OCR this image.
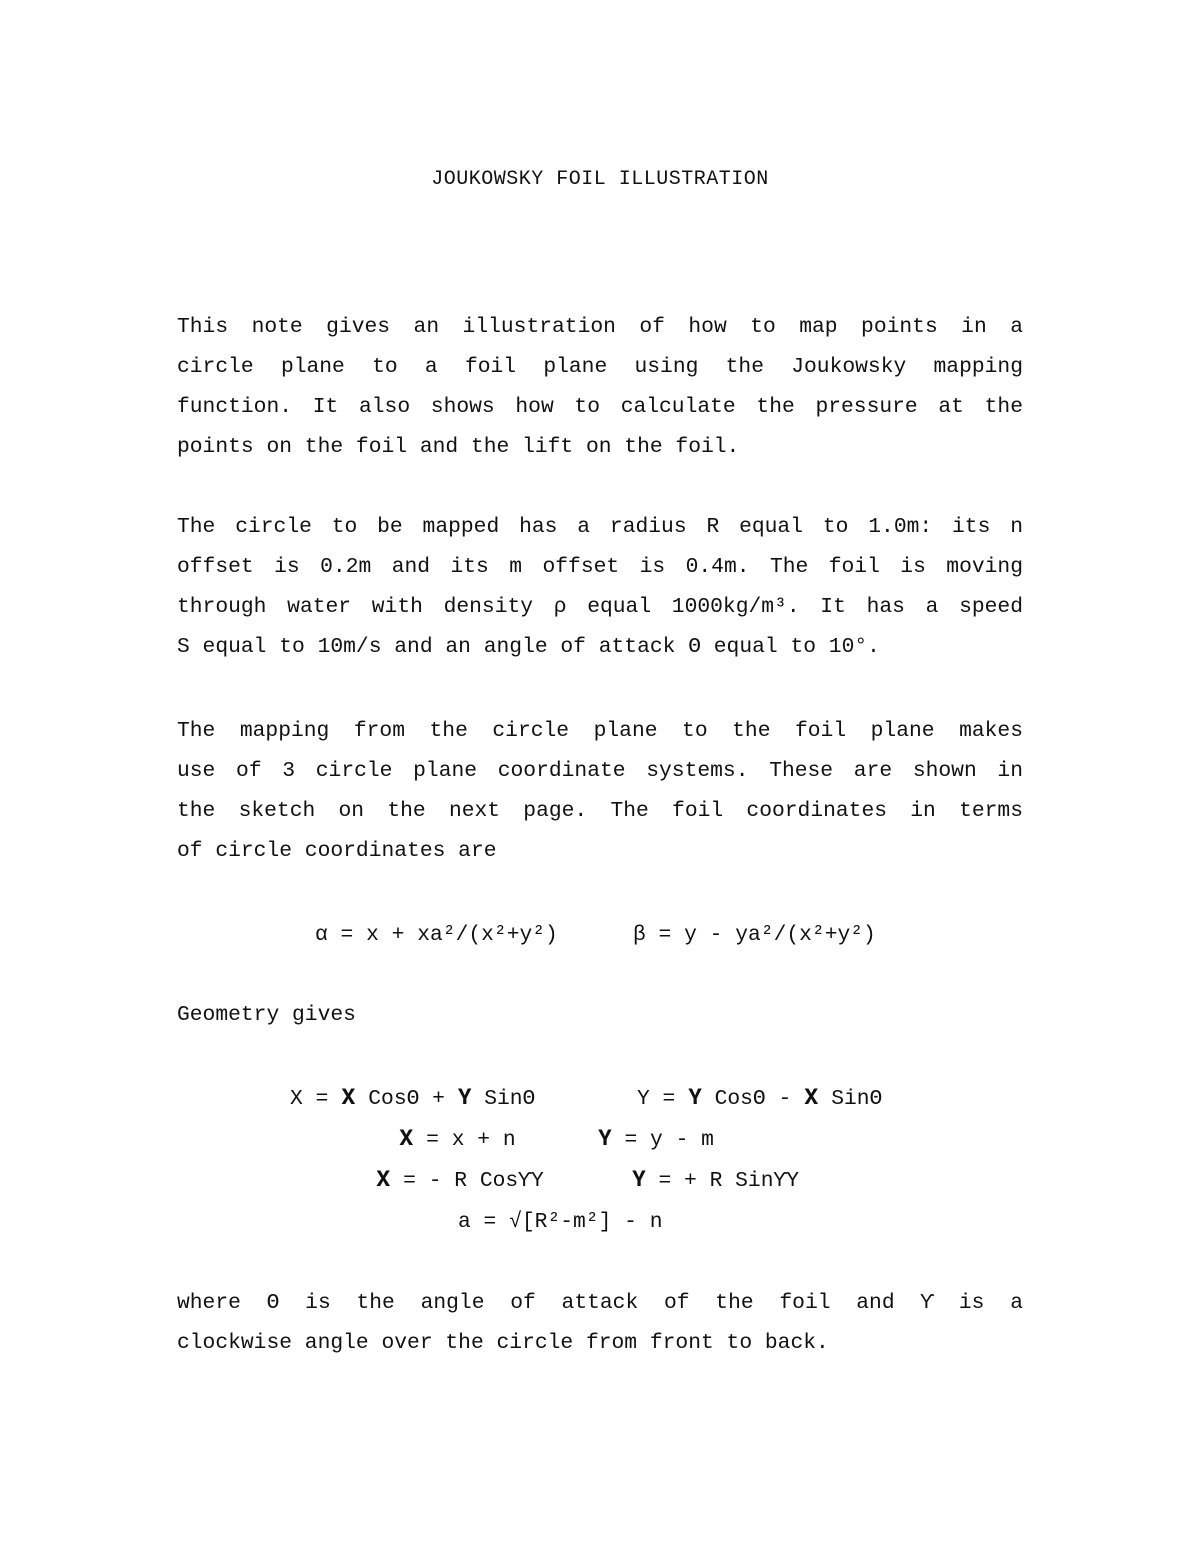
JOUKOWSKY FOIL ILLUSTRATION
This note gives an illustration of how to map points in a
circle plane to a foil plane using the Joukowsky mapping
function. It also shows how to calculate the pressure at the
points on the foil and the lift on the foil.
The circle to be mapped has a radius R equal to 1.0m: its n
offset is 0.2m and its m offset is 0.4m. The foil is moving
through water with density ρ equal 1000kg/m³. It has a speed
S equal to 10m/s and an angle of attack Θ equal to 10°.
The mapping from the circle plane to the foil plane makes
use of 3 circle plane coordinate systems. These are shown in
the sketch on the next page. The foil coordinates in terms
of circle coordinates are
α = x + xa²/(x²+y²)	β = y - ya²/(x²+y²)
Geometry gives
X = 𝐗 CosΘ + 𝐘 SinΘ	Y = 𝐘 CosΘ - 𝐗 SinΘ
𝐗 = x + n	𝐘 = y - m
𝐗 = - R CosϒΥ	𝐘 = + R SinϒΥ
a = √[R²-m²] - n
where Θ is the angle of attack of the foil and ϒ is a
clockwise angle over the circle from front to back.
